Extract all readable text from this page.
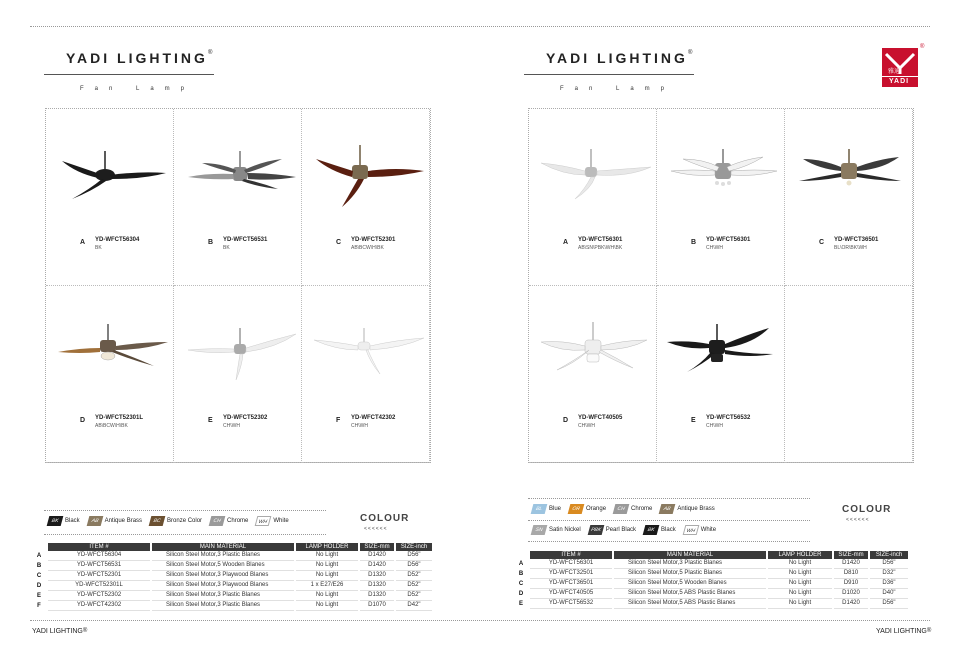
YADI LIGHTING®
Fan Lamp
A YD-WFCT56304
BK
B YD-WFCT56531
BK
C YD-WFCT52301
AB\BCW\H\BK
D YD-WFCT52301L
AB\BCW\H\BK
E YD-WFCT52302
CH\WH
F YD-WFCT42302
CH\WH
BK Black	AB Antique Brass	BC Bronze Color	CH Chrome	WH White	COLOUR
<<<<<<
	ITEM #	MAIN MATERIAL	LAMP HOLDER	SIZE-mm	SIZE-inch
A	YD-WFCT56304	Silicon Steel Motor,3 Plastic Blanes	No Light	D1420	D56"
B	YD-WFCT56531	Silicon Steel Motor,5 Wooden Blanes	No Light	D1420	D56"
C	YD-WFCT52301	Silicon Steel Motor,3 Playwood Blanes	No Light	D1320	D52"
D	YD-WFCT52301L	Silicon Steel Motor,3 Playwood Blanes	1 x E27/E26	D1320	D52"
E	YD-WFCT52302	Silicon Steel Motor,3 Plastic Blanes	No Light	D1320	D52"
F	YD-WFCT42302	Silicon Steel Motor,3 Plastic Blanes	No Light	D1070	D42"
YADI LIGHTING®
YADI LIGHTING®
Fan Lamp
A YD-WFCT56301
AB\SN\PBK\WH\BK
B YD-WFCT56301
CH\WH
C YD-WFCT36501
BL\OR\BK\WH
D YD-WFCT40505
CH\WH
E YD-WFCT56532
CH\WH
BL	Blue	OR Orange	CH Chrome	AB Antique Brass
SN Satin Nickel	PBK Pearl Black	BK Black	WH White
COLOUR
<<<<<<
	ITEM #	MAIN MATERIAL	LAMP HOLDER	SIZE-mm	SIZE-inch
A	YD-WFCT56301	Silicon Steel Motor,3 Plastic Blanes	No Light	D1420	D56"
B	YD-WFCT32501	Silicon Steel Motor,5 Plastic Blanes	No Light	D810	D32"
C	YD-WFCT36501	Silicon Steel Motor,5 Wooden Blanes	No Light	D910	D36"
D	YD-WFCT40505	Silicon Steel Motor,5 ABS Plastic Blanes	No Light	D1020	D40"
E	YD-WFCT56532	Silicon Steel Motor,5 ABS Plastic Blanes	No Light	D1420	D56"
YADI LIGHTING®
雅迪
YADI
®
